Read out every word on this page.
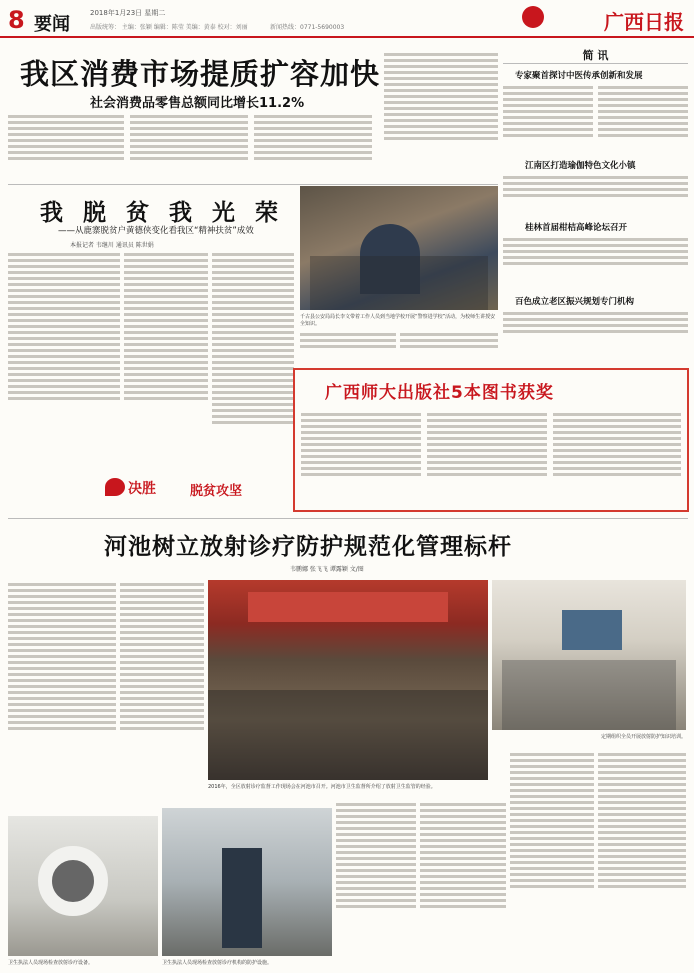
8 要闻
2018年1月23日 星期二
出版统筹： 主编：张颖 编辑：陈莹 美编：黄泰 校对：刘丽	新闻热线：0771-5690003	广西日报
我区消费市场提质扩容加快
社会消费品零售总额同比增长11.2%
我 脱 贫 我 光 荣
——从鹿寨脱贫户黄德侠变化看我区“精神扶贫”成效
本报记者 韦继川 通讯员 陈世娟
决胜	脱贫攻坚
千古县公安局局长李文带着工作人员到当地学校开展“警察进学校”活动，为校师生讲授安全知识。
简 讯
专家聚首探讨中医传承创新和发展
江南区打造瑜伽特色文化小镇
桂林首届柑桔高峰论坛召开
百色成立老区振兴规划专门机构
广西师大出版社5本图书获奖
河池树立放射诊疗防护规范化管理标杆
韦鹏娜 张飞飞 谭露颖 文/图
2016年，全区放射诊疗监督工作现场会在河池市召开。河池市卫生监督所介绍了放射卫生监管的经验。
定期组织全员开展放射防护知识培训。
卫生执法人员现场检查放射诊疗设备。	卫生执法人员现场检查放射诊疗机构的防护设施。
